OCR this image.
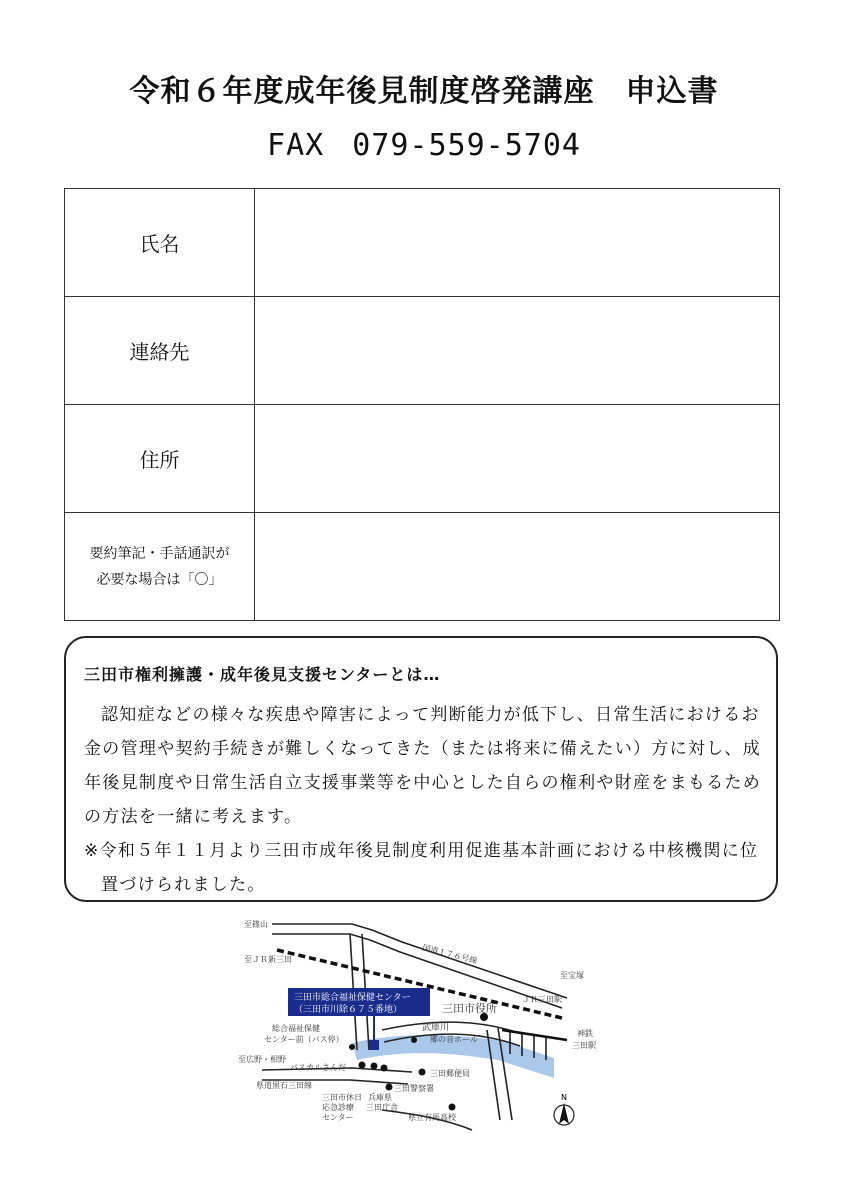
令和６年度成年後見制度啓発講座　申込書
FAX 079-559-5704
氏名	
連絡先	
住所	

要約筆記・手話通訳が
必要な場合は「〇」	

三田市権利擁護・成年後見支援センターとは…

認知症などの様々な疾患や障害によって判断能力が低下し、日常生活におけるお金の管理や契約手続きが難しくなってきた（または将来に備えたい）方に対し、成年後見制度や日常生活自立支援事業等を中心とした自らの権利や財産をまもるための方法を一緒に考えます。

※令和５年１１月より三田市成年後見制度利用促進基本計画における中核機関に位置づけられました。

三田市総合福祉保健センター
（三田市川除６７５番地）
至篠山
至ＪＲ新三田	国道１７６号線
至宝塚
ＪＲ三田駅
三田市役所
武庫川
郷の音ホール
総合福祉保健
センター前（バス停）
至広野・相野
パスカルさんだ
三田郵便局
県道黒石三田線	三田警察署
神鉄
三田駅
三田市休日
応急診療
センター
兵庫県
三田庁舎
県立有馬高校
N
